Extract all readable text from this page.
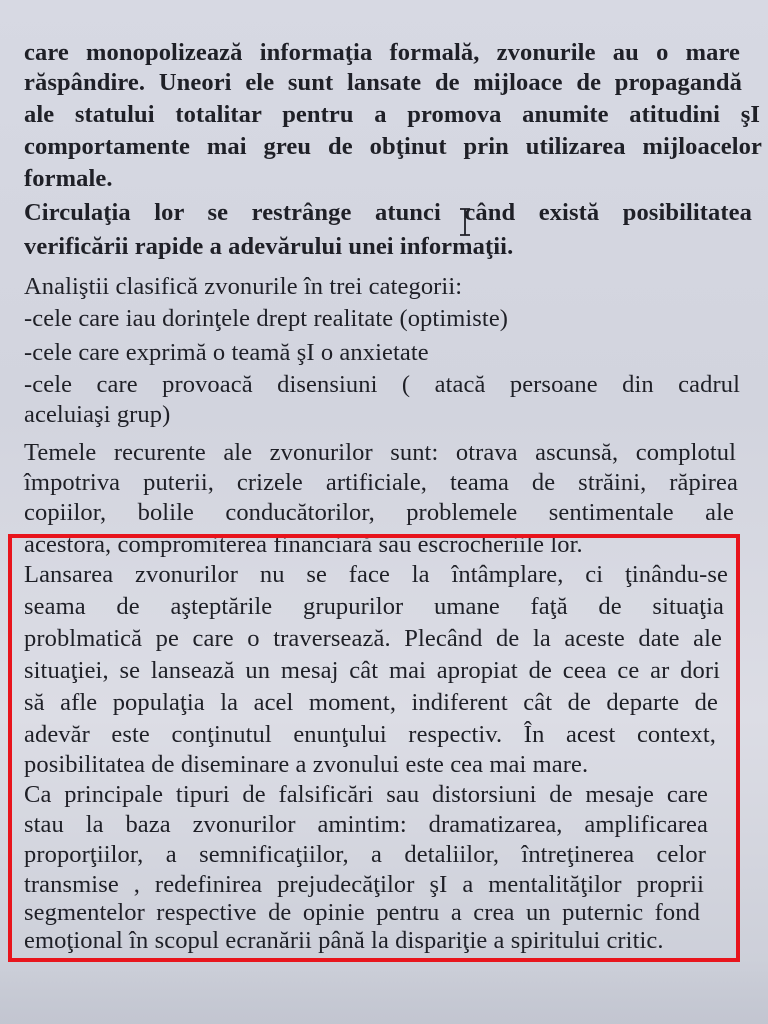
care monopolizează informaţia formală, zvonurile au o mare
răspândire. Uneori ele sunt lansate de mijloace de propagandă
ale statului totalitar pentru a promova anumite atitudini şI
comportamente mai greu de obţinut prin utilizarea mijloacelor
formale.
Circulaţia lor se restrânge atunci când există posibilitatea
verificării rapide a adevărului unei informaţii.
Analiştii clasifică zvonurile în trei categorii:
-cele care iau dorinţele drept realitate (optimiste)
-cele care exprimă o teamă şI o anxietate
-cele care provoacă disensiuni ( atacă persoane din cadrul
aceluiaşi grup)
Temele recurente ale zvonurilor sunt: otrava ascunsă, complotul
împotriva puterii, crizele artificiale, teama de străini, răpirea
copiilor, bolile conducătorilor, problemele sentimentale ale
acestora, compromiterea financiară sau escrocheriile lor.
Lansarea zvonurilor nu se face la întâmplare, ci ţinându-se
seama de aşteptările grupurilor umane faţă de situaţia
problmatică pe care o traversează. Plecând de la aceste date ale
situaţiei, se lansează un mesaj cât mai apropiat de ceea ce ar dori
să afle populaţia la acel moment, indiferent cât de departe de
adevăr este conţinutul enunţului respectiv. În acest context,
posibilitatea de diseminare a zvonului este cea mai mare.
Ca principale tipuri de falsificări sau distorsiuni de mesaje care
stau la baza zvonurilor amintim: dramatizarea, amplificarea
proporţiilor, a semnificaţiilor, a detaliilor, întreţinerea celor
transmise , redefinirea prejudecăţilor şI a mentalităţilor proprii
segmentelor respective de opinie pentru a crea un puternic fond
emoţional în scopul ecranării până la dispariţie a spiritului critic.
